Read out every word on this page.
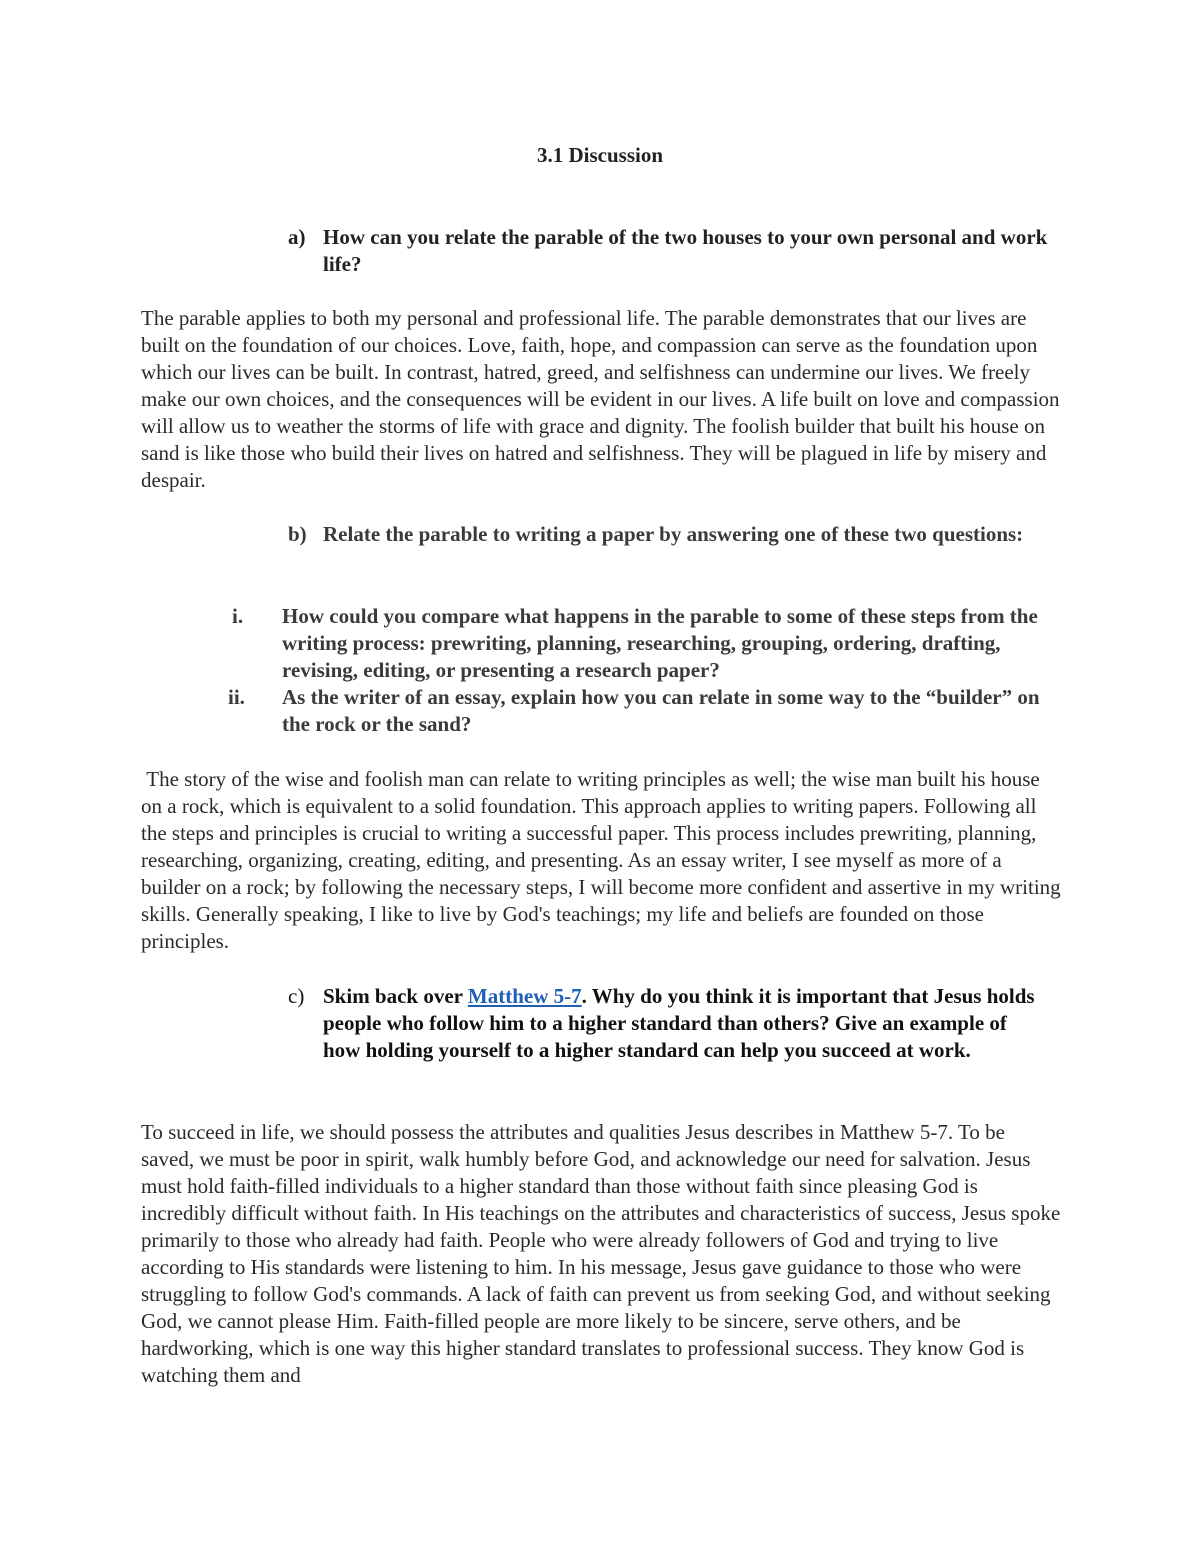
3.1 Discussion
a) How can you relate the parable of the two houses to your own personal and work life?
The parable applies to both my personal and professional life. The parable demonstrates that our lives are built on the foundation of our choices. Love, faith, hope, and compassion can serve as the foundation upon which our lives can be built. In contrast, hatred, greed, and selfishness can undermine our lives. We freely make our own choices, and the consequences will be evident in our lives. A life built on love and compassion will allow us to weather the storms of life with grace and dignity. The foolish builder that built his house on sand is like those who build their lives on hatred and selfishness. They will be plagued in life by misery and despair.
b) Relate the parable to writing a paper by answering one of these two questions:
i. How could you compare what happens in the parable to some of these steps from the writing process: prewriting, planning, researching, grouping, ordering, drafting, revising, editing, or presenting a research paper?
ii. As the writer of an essay, explain how you can relate in some way to the “builder” on the rock or the sand?
The story of the wise and foolish man can relate to writing principles as well; the wise man built his house on a rock, which is equivalent to a solid foundation. This approach applies to writing papers. Following all the steps and principles is crucial to writing a successful paper. This process includes prewriting, planning, researching, organizing, creating, editing, and presenting. As an essay writer, I see myself as more of a builder on a rock; by following the necessary steps, I will become more confident and assertive in my writing skills. Generally speaking, I like to live by God's teachings; my life and beliefs are founded on those principles.
c) Skim back over Matthew 5-7. Why do you think it is important that Jesus holds people who follow him to a higher standard than others? Give an example of how holding yourself to a higher standard can help you succeed at work.
To succeed in life, we should possess the attributes and qualities Jesus describes in Matthew 5-7. To be saved, we must be poor in spirit, walk humbly before God, and acknowledge our need for salvation. Jesus must hold faith-filled individuals to a higher standard than those without faith since pleasing God is incredibly difficult without faith. In His teachings on the attributes and characteristics of success, Jesus spoke primarily to those who already had faith. People who were already followers of God and trying to live according to His standards were listening to him. In his message, Jesus gave guidance to those who were struggling to follow God's commands. A lack of faith can prevent us from seeking God, and without seeking God, we cannot please Him. Faith-filled people are more likely to be sincere, serve others, and be hardworking, which is one way this higher standard translates to professional success. They know God is watching them and
